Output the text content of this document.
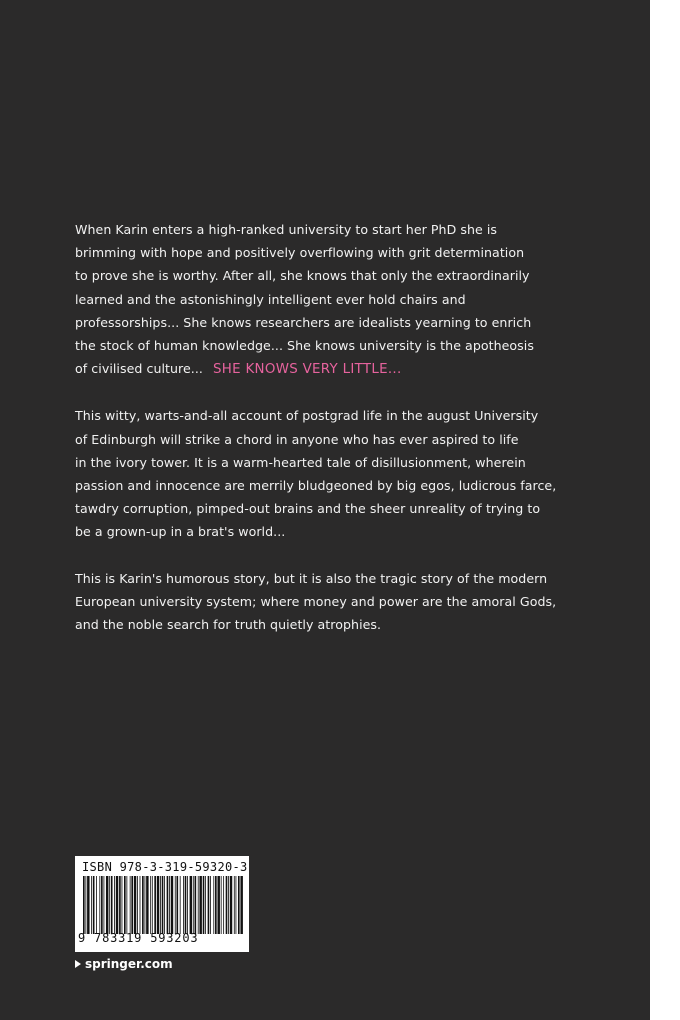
When Karin enters a high-ranked university to start her PhD she is
brimming with hope and positively overflowing with grit determination
to prove she is worthy. After all, she knows that only the extraordinarily
learned and the astonishingly intelligent ever hold chairs and
professorships... She knows researchers are idealists yearning to enrich
the stock of human knowledge... She knows university is the apotheosis
of civilised culture... SHE KNOWS VERY LITTLE...

This witty, warts-and-all account of postgrad life in the august University
of Edinburgh will strike a chord in anyone who has ever aspired to life
in the ivory tower. It is a warm-hearted tale of disillusionment, wherein
passion and innocence are merrily bludgeoned by big egos, ludicrous farce,
tawdry corruption, pimped-out brains and the sheer unreality of trying to
be a grown-up in a brat's world...

This is Karin's humorous story, but it is also the tragic story of the modern
European university system; where money and power are the amoral Gods,
and the noble search for truth quietly atrophies.

ISBN 978-3-319-59320-3
9 783319 593203
springer.com
